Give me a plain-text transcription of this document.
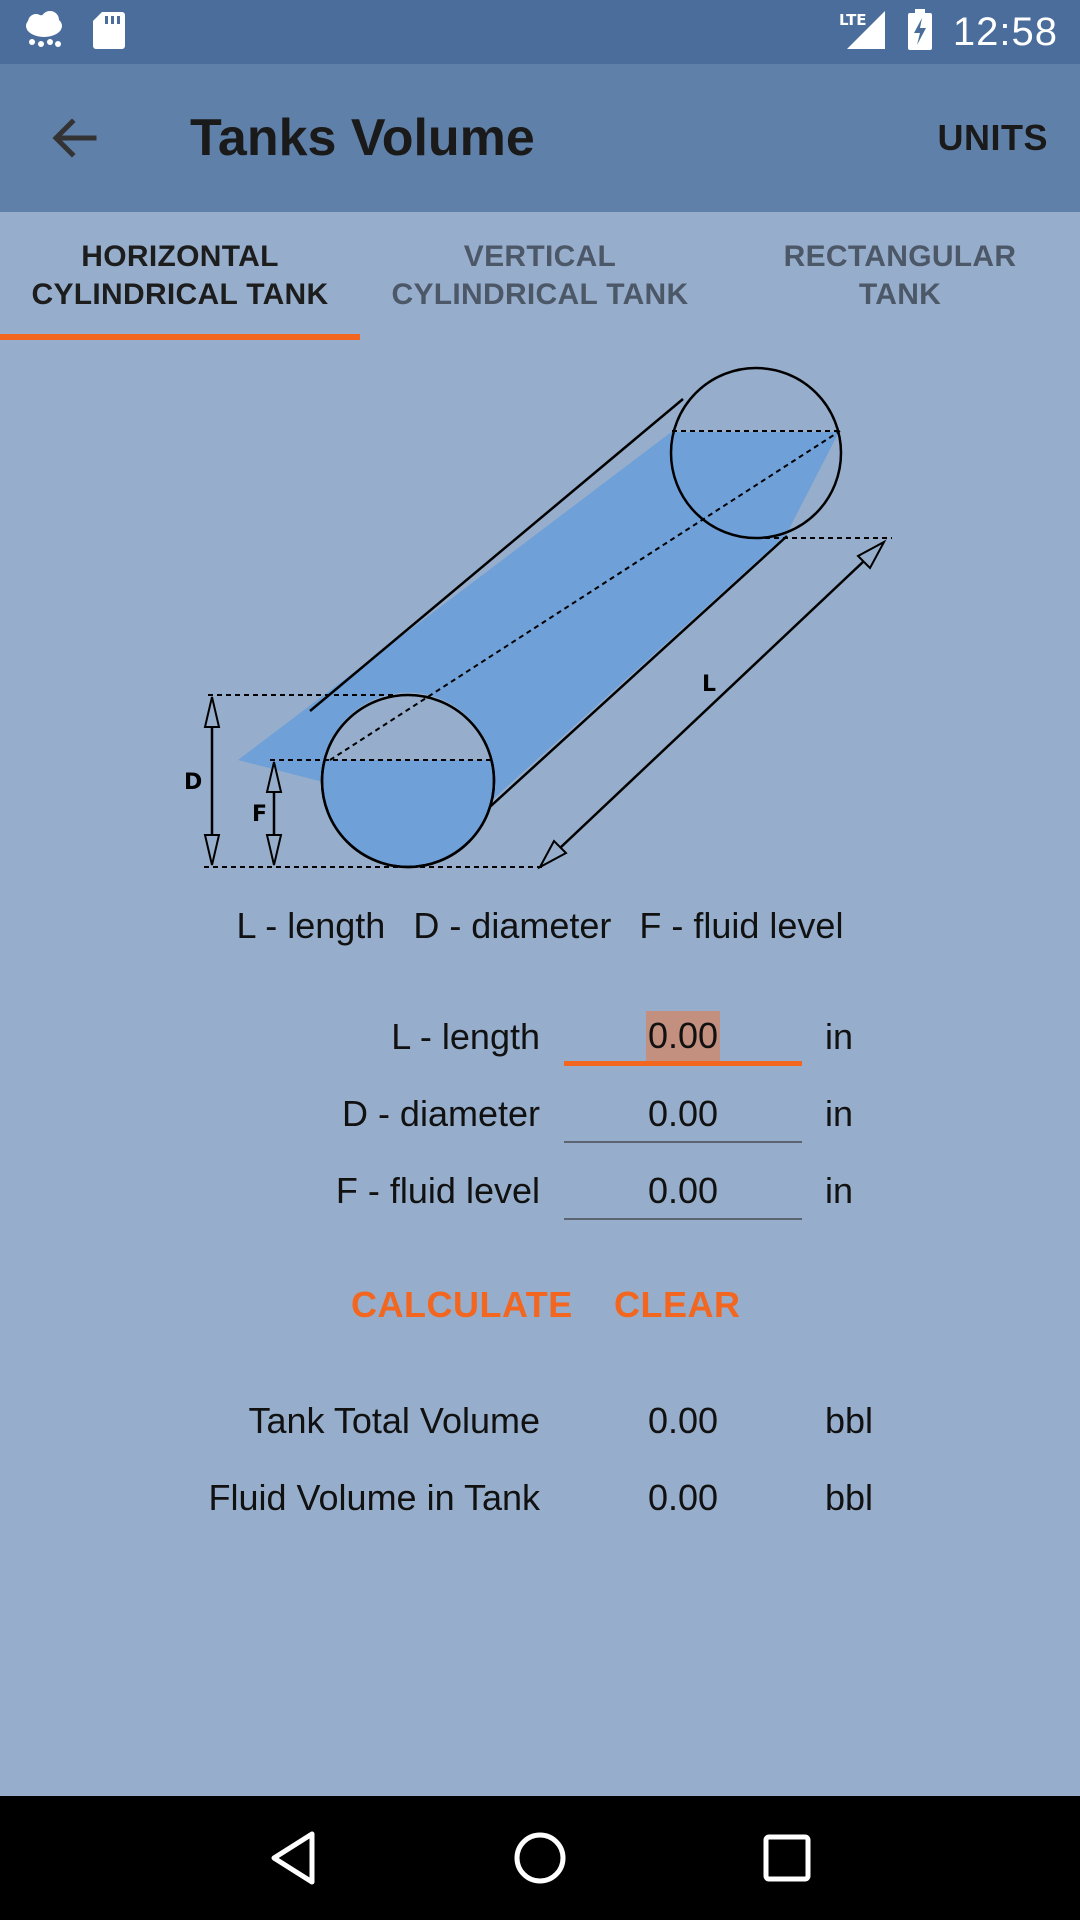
LTE 12:58
Tanks Volume	UNITS
HORIZONTAL
CYLINDRICAL TANK
VERTICAL
CYLINDRICAL TANK
RECTANGULAR
TANK
D
F
L
L - length D - diameter F - fluid level
L - length	0.00	in
D - diameter	0.00	in
F - fluid level	0.00	in
CALCULATE CLEAR
Tank Total Volume	0.00	bbl
Fluid Volume in Tank	0.00	bbl
